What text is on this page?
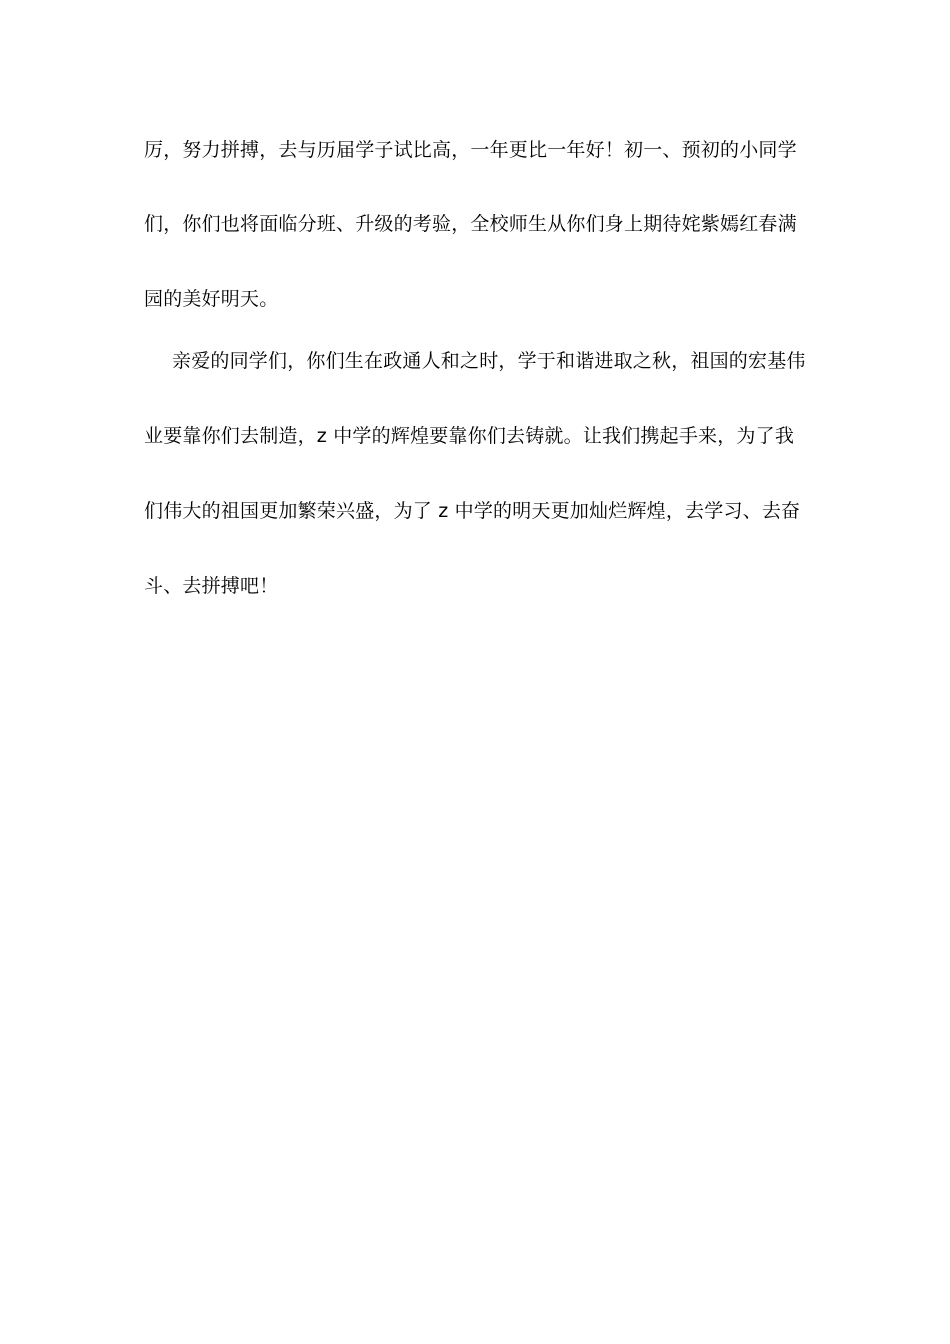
厉，努力拼搏，去与历届学子试比高，一年更比一年好！初一、预初的小同学
们，你们也将面临分班、升级的考验，全校师生从你们身上期待姹紫嫣红春满
园的美好明天。
亲爱的同学们，你们生在政通人和之时，学于和谐进取之秋，祖国的宏基伟
业要靠你们去制造，z 中学的辉煌要靠你们去铸就。让我们携起手来，为了我
们伟大的祖国更加繁荣兴盛，为了 z 中学的明天更加灿烂辉煌，去学习、去奋
斗、去拼搏吧！
